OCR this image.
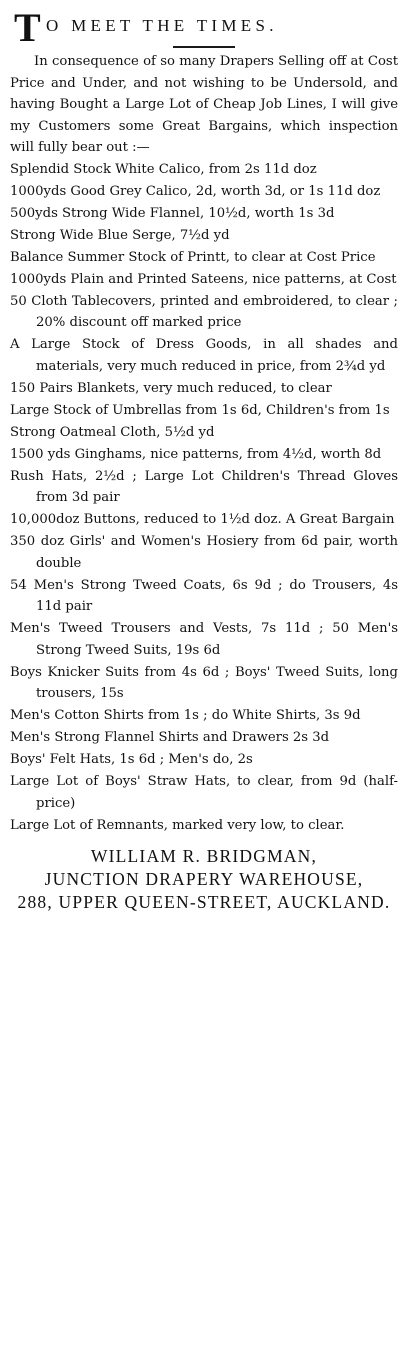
T O MEET THE TIMES.

In consequence of so many Drapers Selling off at Cost Price and Under, and not wishing to be Undersold, and having Bought a Large Lot of Cheap Job Lines, I will give my Customers some Great Bargains, which inspection will fully bear out :—

Splendid Stock White Calico, from 2s 11d doz
1000yds Good Grey Calico, 2d, worth 3d, or 1s 11d doz
500yds Strong Wide Flannel, 10½d, worth 1s 3d
Strong Wide Blue Serge, 7½d yd
Balance Summer Stock of Printt, to clear at Cost Price
1000yds Plain and Printed Sateens, nice patterns, at Cost
50 Cloth Tablecovers, printed and embroidered, to clear ; 20% discount off marked price
A Large Stock of Dress Goods, in all shades and materials, very much reduced in price, from 2¾d yd
150 Pairs Blankets, very much reduced, to clear
Large Stock of Umbrellas from 1s 6d, Children's from 1s
Strong Oatmeal Cloth, 5½d yd
1500 yds Ginghams, nice patterns, from 4½d, worth 8d
Rush Hats, 2½d ; Large Lot Children's Thread Gloves from 3d pair
10,000doz Buttons, reduced to 1½d doz. A Great Bargain
350 doz Girls' and Women's Hosiery from 6d pair, worth double
54 Men's Strong Tweed Coats, 6s 9d ; do Trousers, 4s 11d pair
Men's Tweed Trousers and Vests, 7s 11d ; 50 Men's Strong Tweed Suits, 19s 6d
Boys Knicker Suits from 4s 6d ; Boys' Tweed Suits, long trousers, 15s
Men's Cotton Shirts from 1s ; do White Shirts, 3s 9d
Men's Strong Flannel Shirts and Drawers 2s 3d
Boys' Felt Hats, 1s 6d ; Men's do, 2s
Large Lot of Boys' Straw Hats, to clear, from 9d (half-price)
Large Lot of Remnants, marked very low, to clear.
WILLIAM R. BRIDGMAN,
JUNCTION DRAPERY WAREHOUSE,
288, UPPER QUEEN-STREET, AUCKLAND.
